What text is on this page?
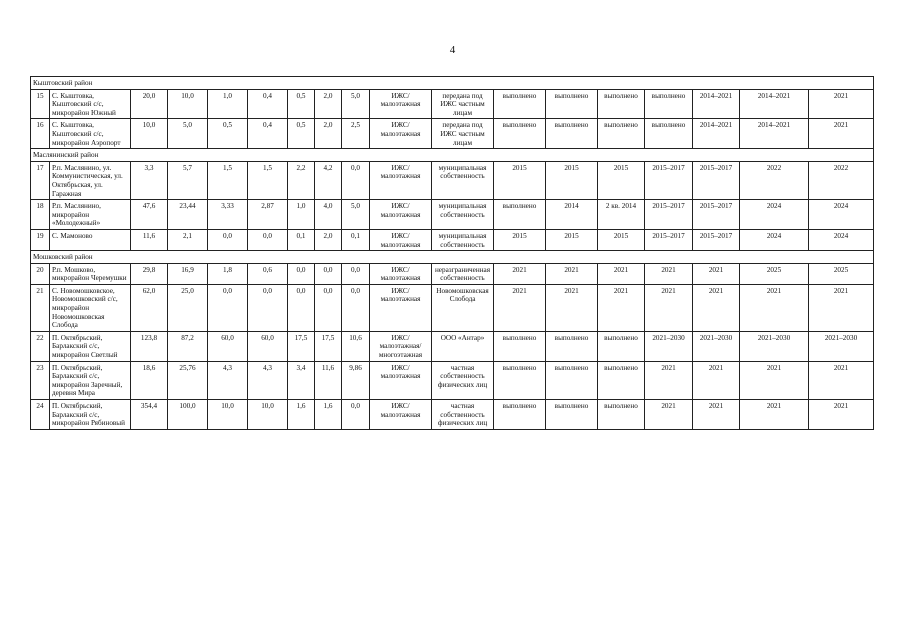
4
Кыштовский район																	
15	С. Кыштовка, Кыштовский с/с, микрорайон Южный	20,0	10,0	1,0	0,4	0,5	2,0	5,0	ИЖС/ малоэтажная	передана под ИЖС частным лицам	выполнено	выполнено	выполнено	выполнено	2014–2021	2014–2021	2021
16	С. Кыштовка, Кыштовский с/с, микрорайон Аэропорт	10,0	5,0	0,5	0,4	0,5	2,0	2,5	ИЖС/ малоэтажная	передана под ИЖС частным лицам	выполнено	выполнено	выполнено	выполнено	2014–2021	2014–2021	2021
Маслянинский район																	
17	Р.п. Маслянино, ул. Коммунистическая, ул. Октябрьская, ул. Гаражная	3,3	5,7	1,5	1,5	2,2	4,2	0,0	ИЖС/ малоэтажная	муниципальная собственность	2015	2015	2015	2015–2017	2015–2017	2022	2022
18	Р.п. Маслянино, микрорайон «Молодежный»	47,6	23,44	3,33	2,87	1,0	4,0	5,0	ИЖС/ малоэтажная	муниципальная собственность	выполнено	2014	2 кв. 2014	2015–2017	2015–2017	2024	2024
19	С. Мамоново	11,6	2,1	0,0	0,0	0,1	2,0	0,1	ИЖС/ малоэтажная	муниципальная собственность	2015	2015	2015	2015–2017	2015–2017	2024	2024
Мошковский район																	
20	Р.п. Мошково, микрорайон Черемушки	29,8	16,9	1,8	0,6	0,0	0,0	0,0	ИЖС/ малоэтажная	неразграниченная собственность	2021	2021	2021	2021	2021	2025	2025
21	С. Новомошковское, Новомошковский с/с, микрорайон Новомошковская Слобода	62,0	25,0	0,0	0,0	0,0	0,0	0,0	ИЖС/ малоэтажная	Новомошковская Слобода	2021	2021	2021	2021	2021	2021	2021
22	П. Октябрьский, Барлакский с/с, микрорайон Светлый	123,8	87,2	60,0	60,0	17,5	17,5	10,6	ИЖС/ малоэтажная/ многоэтажная	ООО «Антар»	выполнено	выполнено	выполнено	2021–2030	2021–2030	2021–2030	2021–2030
23	П. Октябрьский, Барлакский с/с, микрорайон Заречный, деревня Мира	18,6	25,76	4,3	4,3	3,4	11,6	9,86	ИЖС/ малоэтажная	частная собственность физических лиц	выполнено	выполнено	выполнено	2021	2021	2021	2021
24	П. Октябрьский, Барлакский с/с, микрорайон Рябиновый	354,4	100,0	10,0	10,0	1,6	1,6	0,0	ИЖС/ малоэтажная	частная собственность физических лиц	выполнено	выполнено	выполнено	2021	2021	2021	2021
